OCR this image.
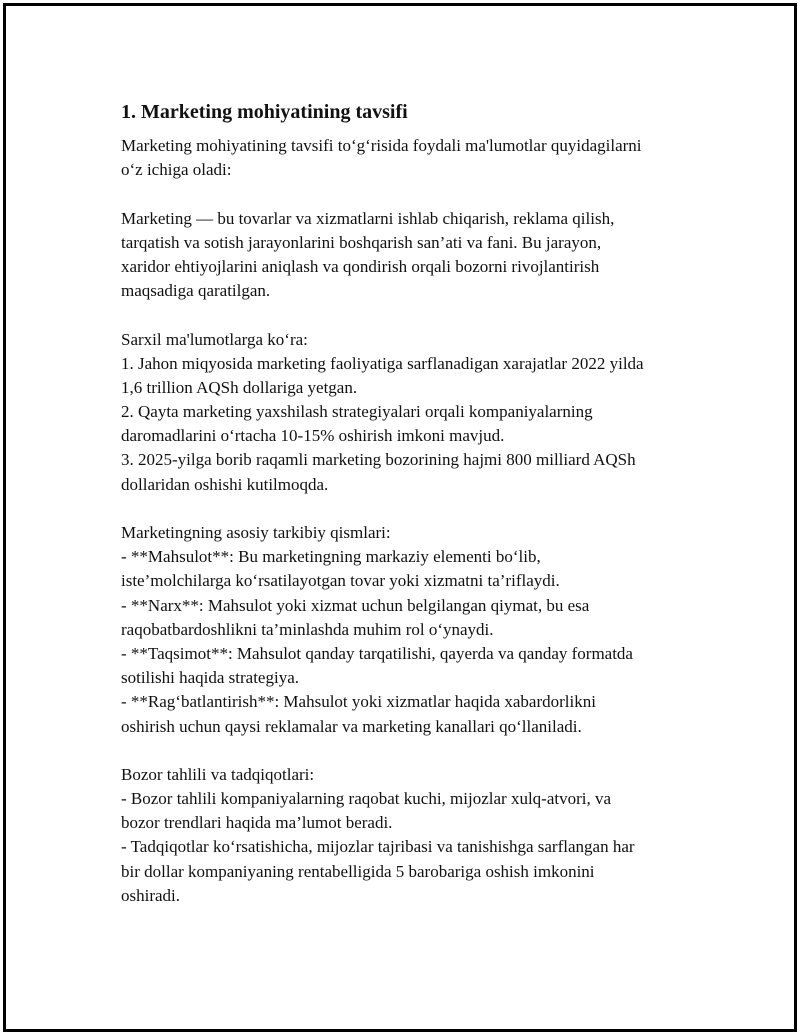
1. Marketing mohiyatining tavsifi
Marketing mohiyatining tavsifi to‘g‘risida foydali ma'lumotlar quyidagilarni
o‘z ichiga oladi:
Marketing — bu tovarlar va xizmatlarni ishlab chiqarish, reklama qilish,
tarqatish va sotish jarayonlarini boshqarish san’ati va fani. Bu jarayon,
xaridor ehtiyojlarini aniqlash va qondirish orqali bozorni rivojlantirish
maqsadiga qaratilgan.
Sarxil ma'lumotlarga ko‘ra:
1. Jahon miqyosida marketing faoliyatiga sarflanadigan xarajatlar 2022 yilda
1,6 trillion AQSh dollariga yetgan.
2. Qayta marketing yaxshilash strategiyalari orqali kompaniyalarning
daromadlarini o‘rtacha 10-15% oshirish imkoni mavjud.
3. 2025-yilga borib raqamli marketing bozorining hajmi 800 milliard AQSh
dollaridan oshishi kutilmoqda.
Marketingning asosiy tarkibiy qismlari:
- **Mahsulot**: Bu marketingning markaziy elementi bo‘lib,
iste’molchilarga ko‘rsatilayotgan tovar yoki xizmatni ta’riflaydi.
- **Narx**: Mahsulot yoki xizmat uchun belgilangan qiymat, bu esa
raqobatbardoshlikni ta’minlashda muhim rol o‘ynaydi.
- **Taqsimot**: Mahsulot qanday tarqatilishi, qayerda va qanday formatda
sotilishi haqida strategiya.
- **Rag‘batlantirish**: Mahsulot yoki xizmatlar haqida xabardorlikni
oshirish uchun qaysi reklamalar va marketing kanallari qo‘llaniladi.
Bozor tahlili va tadqiqotlari:
- Bozor tahlili kompaniyalarning raqobat kuchi, mijozlar xulq-atvori, va
bozor trendlari haqida ma’lumot beradi.
- Tadqiqotlar ko‘rsatishicha, mijozlar tajribasi va tanishishga sarflangan har
bir dollar kompaniyaning rentabelligida 5 barobariga oshish imkonini
oshiradi.
